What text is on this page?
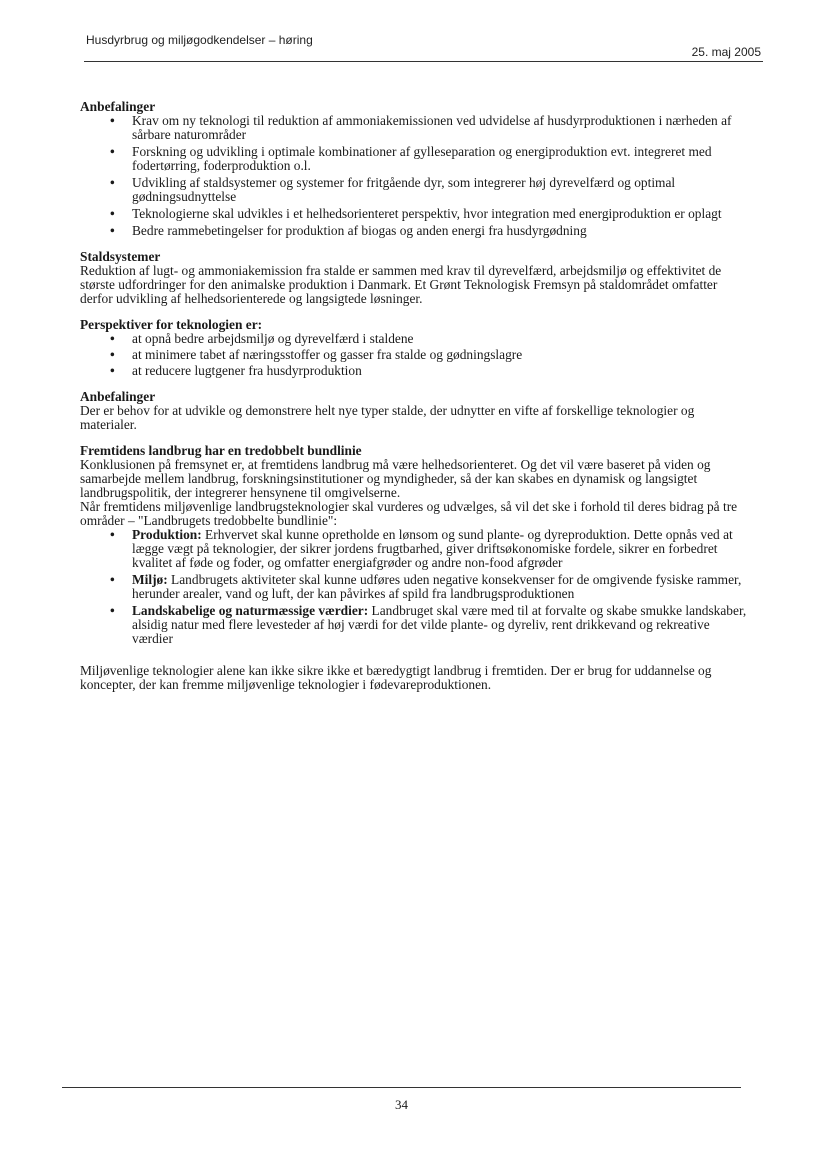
Husdyrbrug og miljøgodkendelser – høring
25. maj 2005
Anbefalinger
• Krav om ny teknologi til reduktion af ammoniakemissionen ved udvidelse af husdyrproduktionen i nærheden af sårbare naturområder
• Forskning og udvikling i optimale kombinationer af gylleseparation og energiproduktion evt. integreret med fodertørring, foderproduktion o.l.
• Udvikling af staldsystemer og systemer for fritgående dyr, som integrerer høj dyrevelfærd og optimal gødningsudnyttelse
• Teknologierne skal udvikles i et helhedsorienteret perspektiv, hvor integration med energiproduktion er oplagt
• Bedre rammebetingelser for produktion af biogas og anden energi fra husdyrgødning
Staldsystemer

Reduktion af lugt- og ammoniakemission fra stalde er sammen med krav til dyrevelfærd, arbejdsmiljø og effektivitet de største udfordringer for den animalske produktion i Danmark. Et Grønt Teknologisk Fremsyn på staldområdet omfatter derfor udvikling af helhedsorienterede og langsigtede løsninger.

Perspektiver for teknologien er:
• at opnå bedre arbejdsmiljø og dyrevelfærd i staldene
• at minimere tabet af næringsstoffer og gasser fra stalde og gødningslagre
• at reducere lugtgener fra husdyrproduktion
Anbefalinger

Der er behov for at udvikle og demonstrere helt nye typer stalde, der udnytter en vifte af forskellige teknologier og materialer.

Fremtidens landbrug har en tredobbelt bundlinie

Konklusionen på fremsynet er, at fremtidens landbrug må være helhedsorienteret. Og det vil være baseret på viden og samarbejde mellem landbrug, forskningsinstitutioner og myndigheder, så der kan skabes en dynamisk og langsigtet landbrugspolitik, der integrerer hensynene til omgivelserne.

Når fremtidens miljøvenlige landbrugsteknologier skal vurderes og udvælges, så vil det ske i forhold til deres bidrag på tre områder – "Landbrugets tredobbelte bundlinie":

• Produktion: Erhvervet skal kunne opretholde en lønsom og sund plante- og dyreproduktion. Dette opnås ved at lægge vægt på teknologier, der sikrer jordens frugtbarhed, giver driftsøkonomiske fordele, sikrer en forbedret kvalitet af føde og foder, og omfatter energiafgrøder og andre non-food afgrøder
• Miljø: Landbrugets aktiviteter skal kunne udføres uden negative konsekvenser for de omgivende fysiske rammer, herunder arealer, vand og luft, der kan påvirkes af spild fra landbrugsproduktionen
• Landskabelige og naturmæssige værdier: Landbruget skal være med til at forvalte og skabe smukke landskaber, alsidig natur med flere levesteder af høj værdi for det vilde plante- og dyreliv, rent drikkevand og rekreative værdier

Miljøvenlige teknologier alene kan ikke sikre ikke et bæredygtigt landbrug i fremtiden. Der er brug for uddannelse og koncepter, der kan fremme miljøvenlige teknologier i fødevareproduktionen.

34
